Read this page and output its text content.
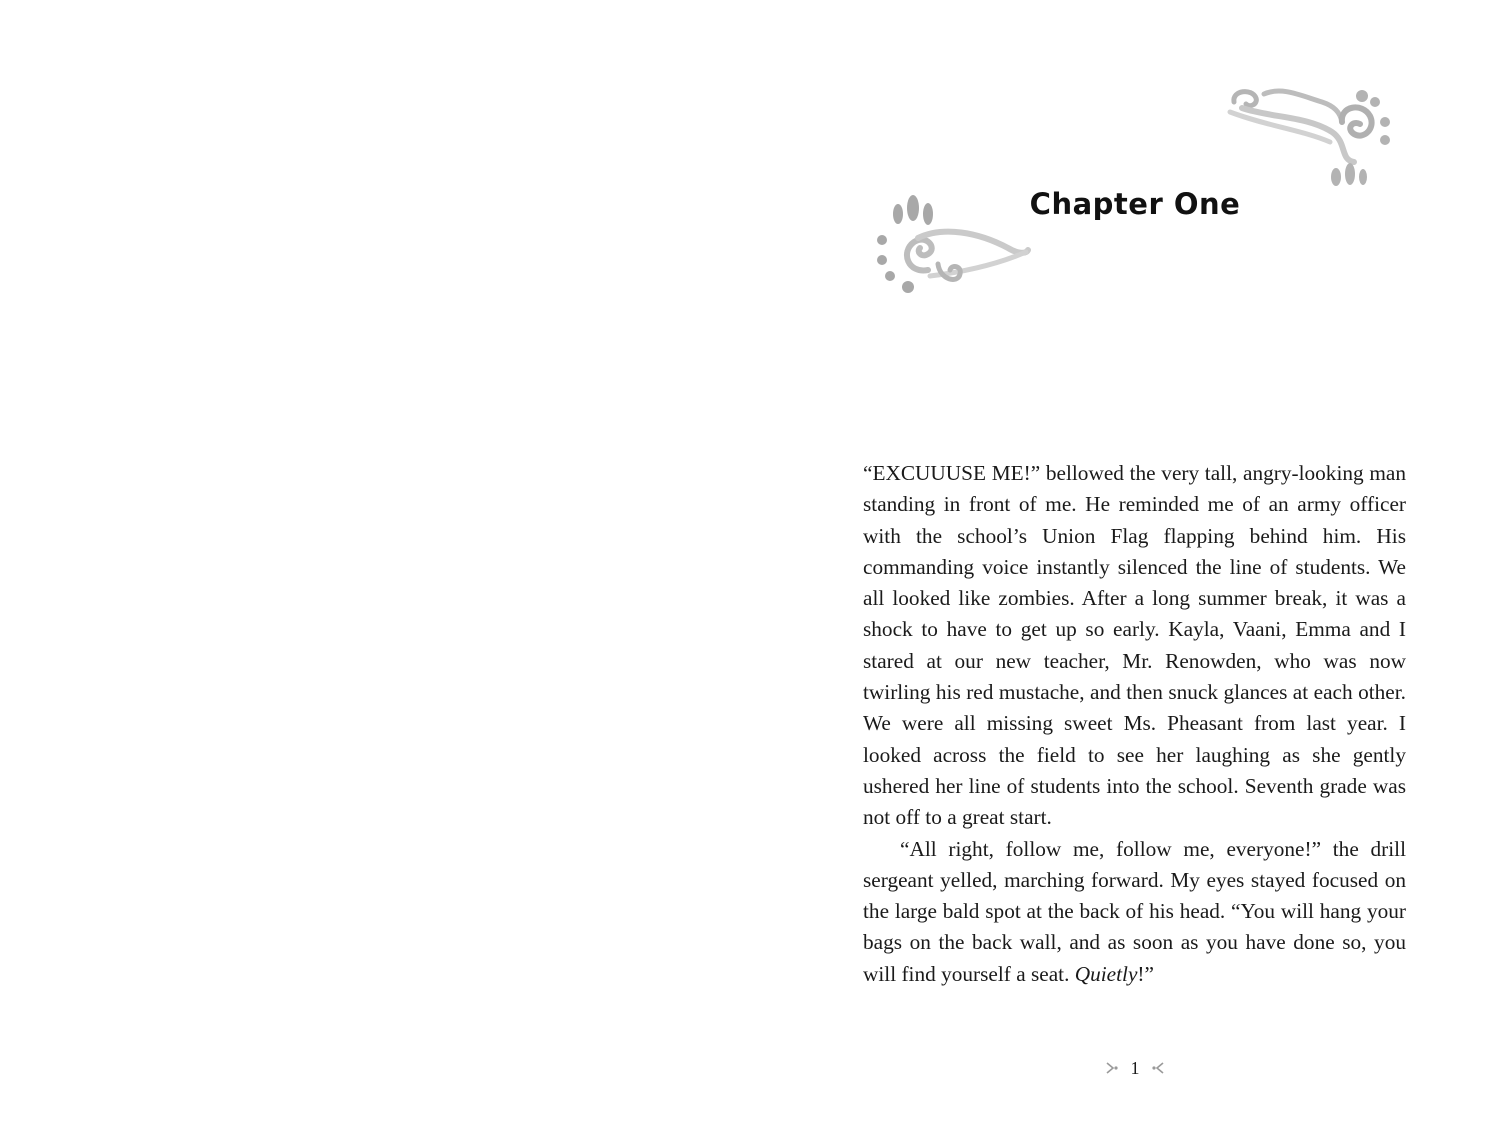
Chapter One

“EXCUUUSE ME!” bellowed the very tall, angry-looking man standing in front of me. He reminded me of an army officer with the school’s Union Flag flapping behind him. His commanding voice instantly silenced the line of students. We all looked like zombies. After a long summer break, it was a shock to have to get up so early. Kayla, Vaani, Emma and I stared at our new teacher, Mr. Renowden, who was now twirling his red mustache, and then snuck glances at each other. We were all missing sweet Ms. Pheasant from last year. I looked across the field to see her laughing as she gently ushered her line of students into the school. Seventh grade was not off to a great start.

“All right, follow me, follow me, everyone!” the drill sergeant yelled, marching forward. My eyes stayed focused on the large bald spot at the back of his head. “You will hang your bags on the back wall, and as soon as you have done so, you will find yourself a seat. Quietly!”

1
